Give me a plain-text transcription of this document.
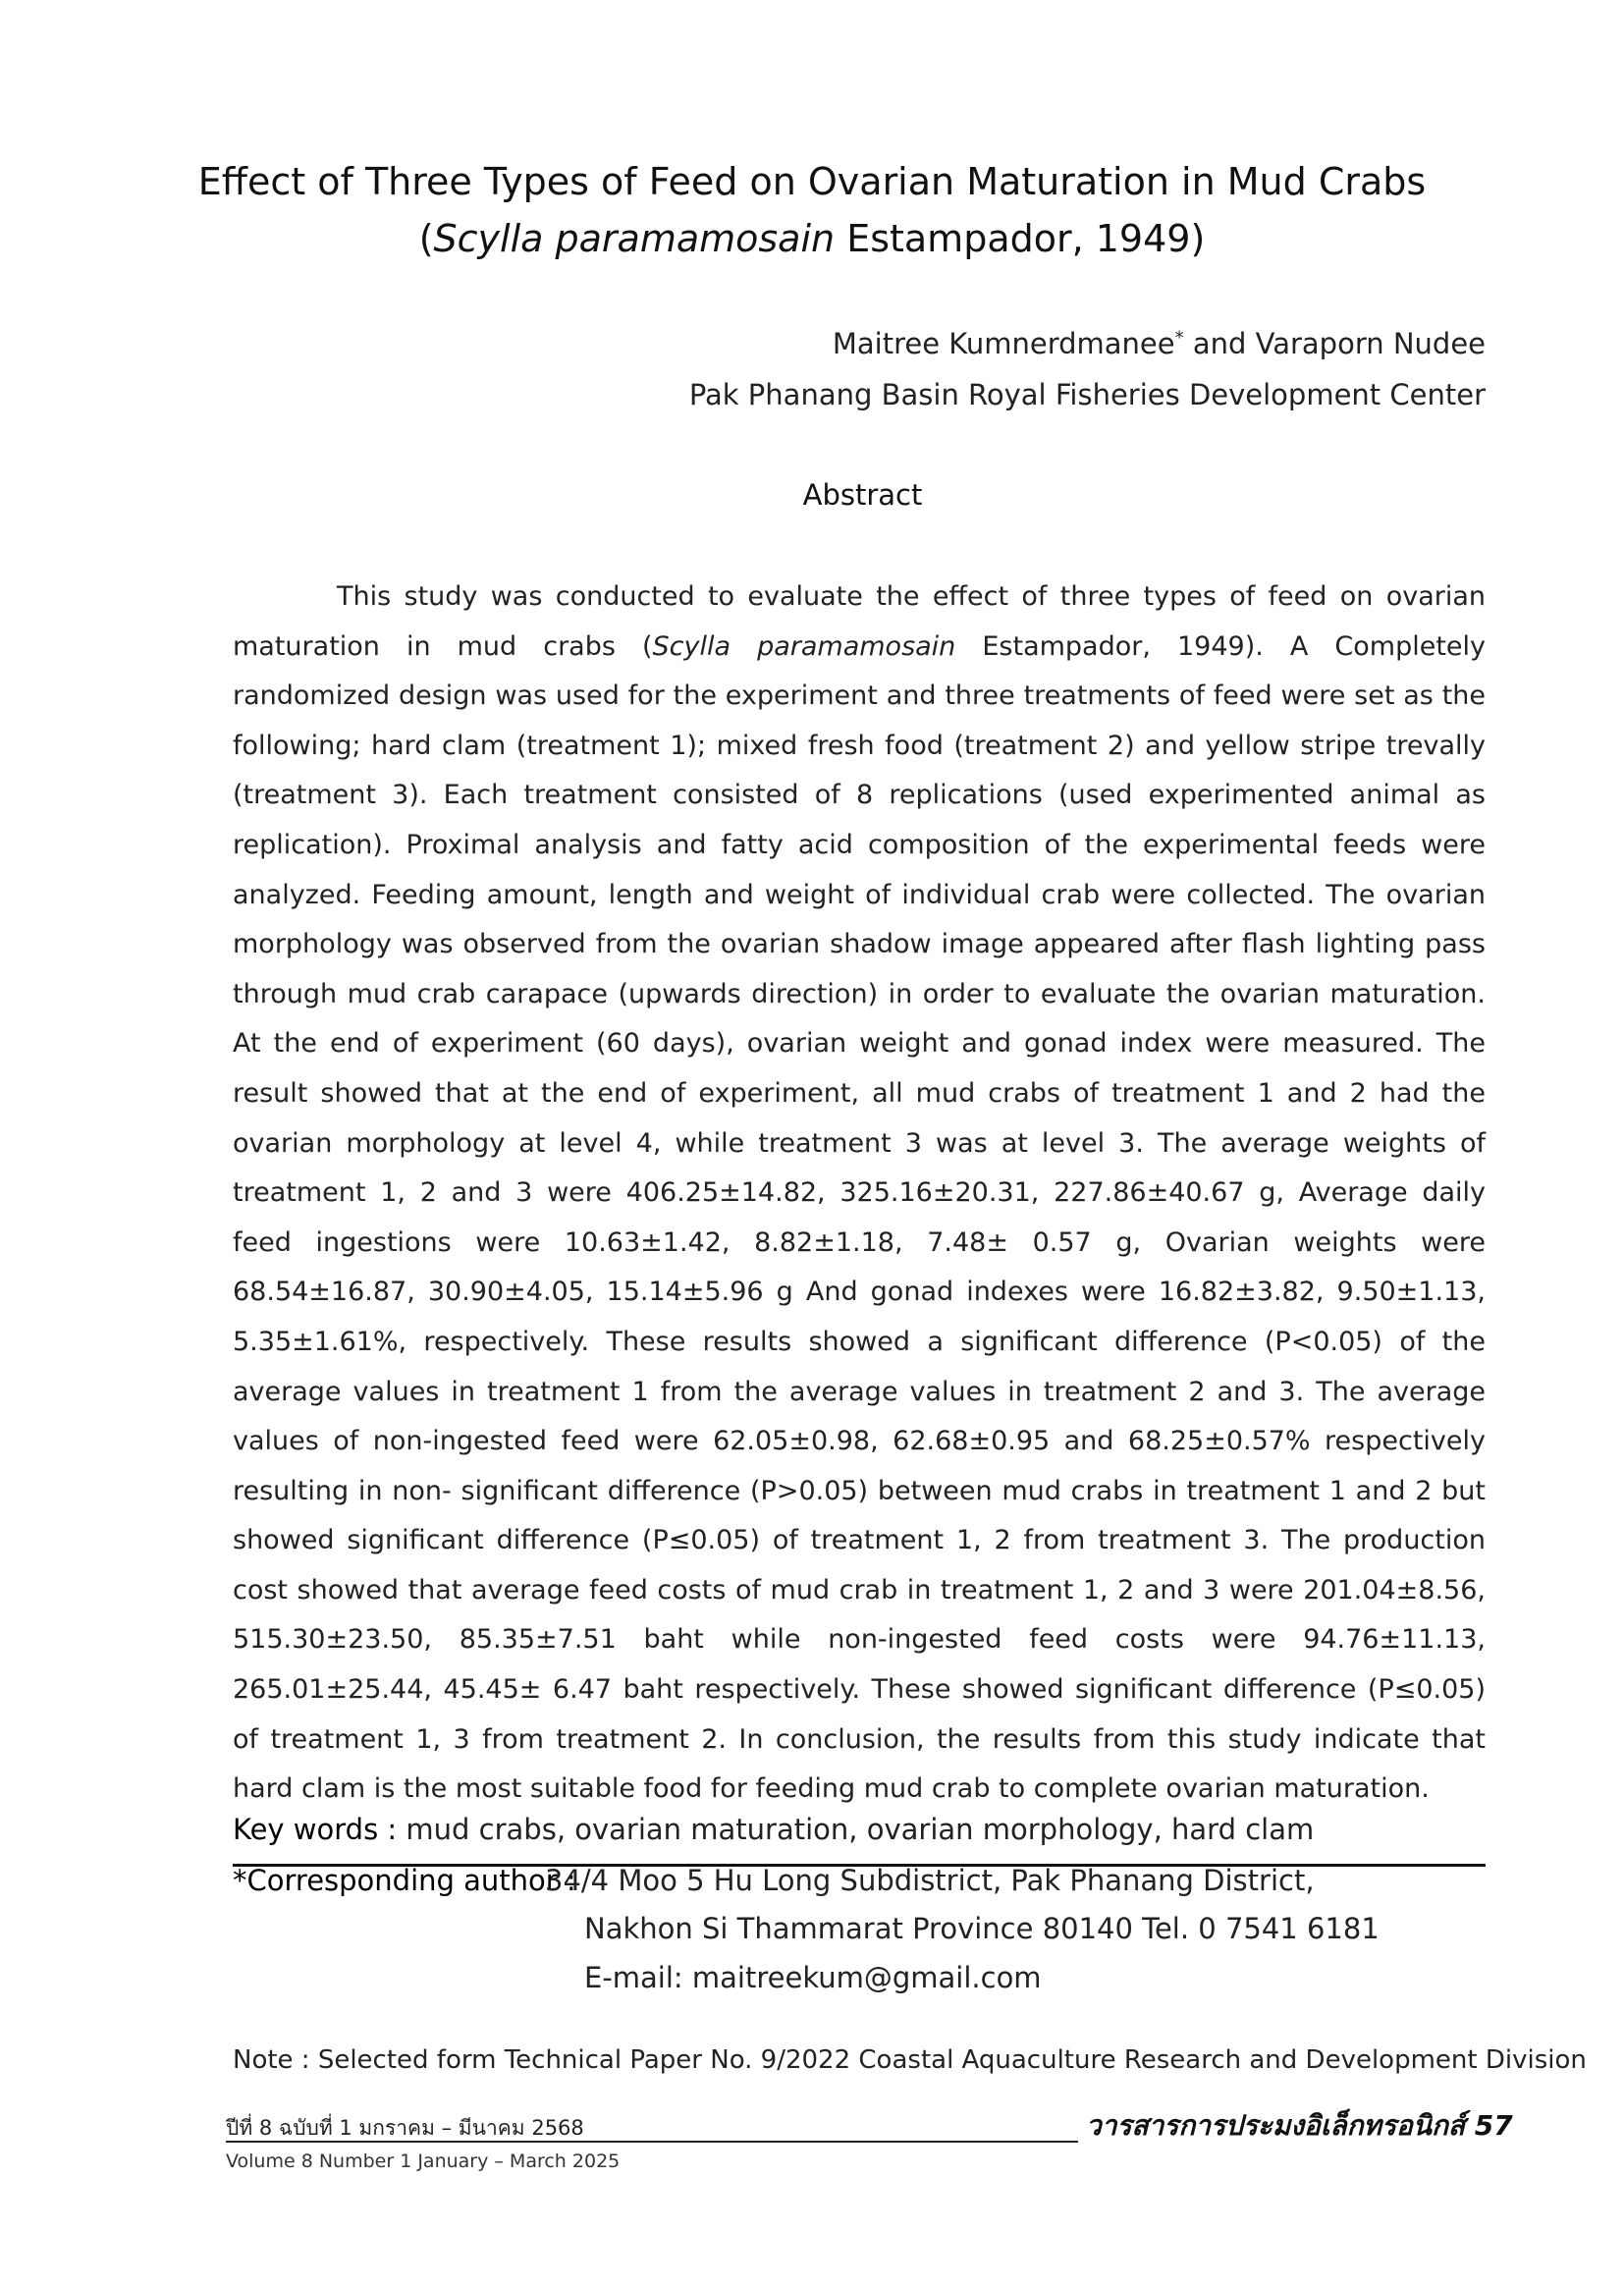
Effect of Three Types of Feed on Ovarian Maturation in Mud Crabs
(Scylla paramamosain Estampador, 1949)
Maitree Kumnerdmanee* and Varaporn Nudee
Pak Phanang Basin Royal Fisheries Development Center
Abstract

This study was conducted to evaluate the effect of three types of feed on ovarian maturation in mud crabs (Scylla paramamosain Estampador, 1949). A Completely randomized design was used for the experiment and three treatments of feed were set as the following; hard clam (treatment 1); mixed fresh food (treatment 2) and yellow stripe trevally (treatment 3). Each treatment consisted of 8 replications (used experimented animal as replication). Proximal analysis and fatty acid composition of the experimental feeds were analyzed. Feeding amount, length and weight of individual crab were collected. The ovarian morphology was observed from the ovarian shadow image appeared after flash lighting pass through mud crab carapace (upwards direction) in order to evaluate the ovarian maturation. At the end of experiment (60 days), ovarian weight and gonad index were measured. The result showed that at the end of experiment, all mud crabs of treatment 1 and 2 had the ovarian morphology at level 4, while treatment 3 was at level 3. The average weights of treatment 1, 2 and 3 were 406.25±14.82, 325.16±20.31, 227.86±40.67 g, Average daily feed ingestions were 10.63±1.42, 8.82±1.18, 7.48± 0.57 g, Ovarian weights were 68.54±16.87, 30.90±4.05, 15.14±5.96 g And gonad indexes were 16.82±3.82, 9.50±1.13, 5.35±1.61%, respectively. These results showed a significant difference (P<0.05) of the average values in treatment 1 from the average values in treatment 2 and 3. The average values of non-ingested feed were 62.05±0.98, 62.68±0.95 and 68.25±0.57% respectively resulting in non- significant difference (P>0.05) between mud crabs in treatment 1 and 2 but showed significant difference (P≤0.05) of treatment 1, 2 from treatment 3. The production cost showed that average feed costs of mud crab in treatment 1, 2 and 3 were 201.04±8.56, 515.30±23.50, 85.35±7.51 baht while non-ingested feed costs were 94.76±11.13, 265.01±25.44, 45.45± 6.47 baht respectively. These showed significant difference (P≤0.05) of treatment 1, 3 from treatment 2. In conclusion, the results from this study indicate that hard clam is the most suitable food for feeding mud crab to complete ovarian maturation.

Key words : mud crabs, ovarian maturation, ovarian morphology, hard clam
*Corresponding author :
34/4 Moo 5 Hu Long Subdistrict, Pak Phanang District,
Nakhon Si Thammarat Province 80140 Tel. 0 7541 6181
E-mail: maitreekum@gmail.com
Note : Selected form Technical Paper No. 9/2022 Coastal Aquaculture Research and Development Division
ปีที่ 8 ฉบับที่ 1 มกราคม – มีนาคม 2568	วารสารการประมงอิเล็กทรอนิกส์ 57
Volume 8 Number 1 January – March 2025
